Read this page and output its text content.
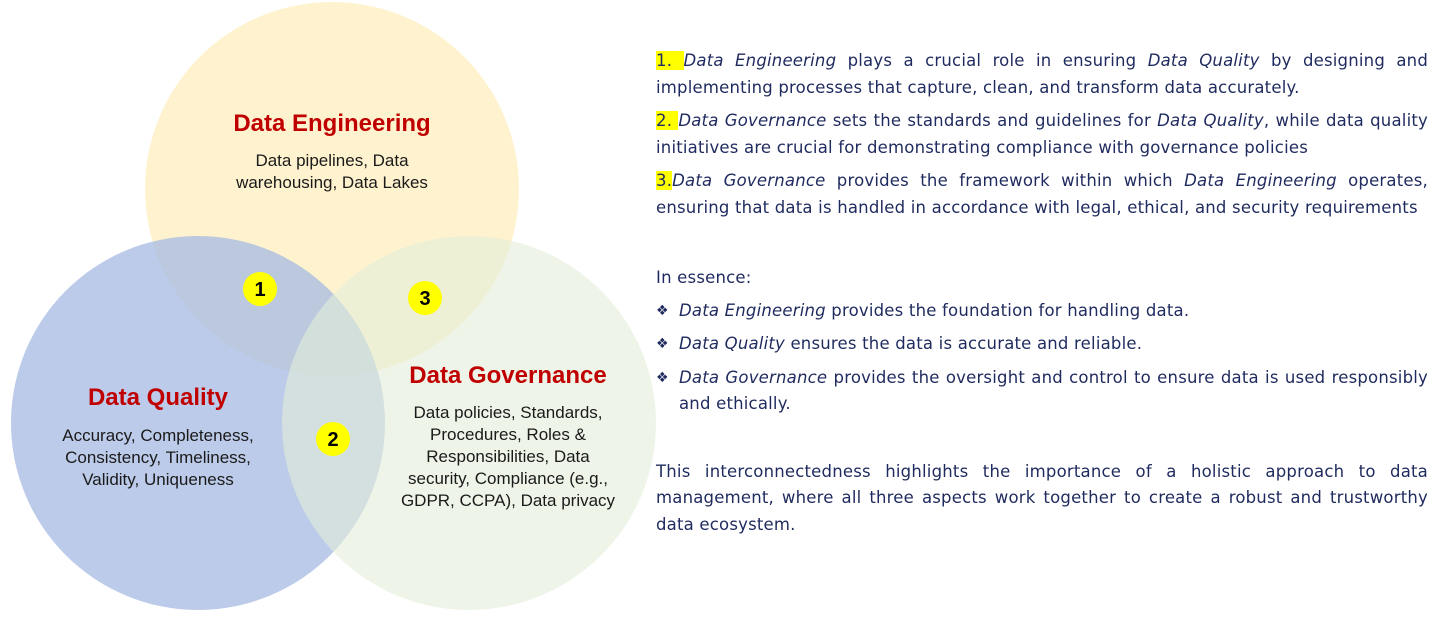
Data Engineering
Data pipelines, Data
warehousing, Data Lakes
Data Quality
Accuracy, Completeness,
Consistency, Timeliness,
Validity, Uniqueness
Data Governance
Data policies, Standards,
Procedures, Roles &
Responsibilities, Data
security, Compliance (e.g.,
GDPR, CCPA), Data privacy
1
2
3
1. Data Engineering plays a crucial role in ensuring Data Quality by designing and implementing processes that capture, clean, and transform data accurately.
2. Data Governance sets the standards and guidelines for Data Quality, while data quality initiatives are crucial for demonstrating compliance with governance policies
3.Data Governance provides the framework within which Data Engineering operates, ensuring that data is handled in accordance with legal, ethical, and security requirements
In essence:
❖ Data Engineering provides the foundation for handling data.
❖ Data Quality ensures the data is accurate and reliable.
❖ Data Governance provides the oversight and control to ensure data is used responsibly and ethically.
This interconnectedness highlights the importance of a holistic approach to data management, where all three aspects work together to create a robust and trustworthy data ecosystem.
